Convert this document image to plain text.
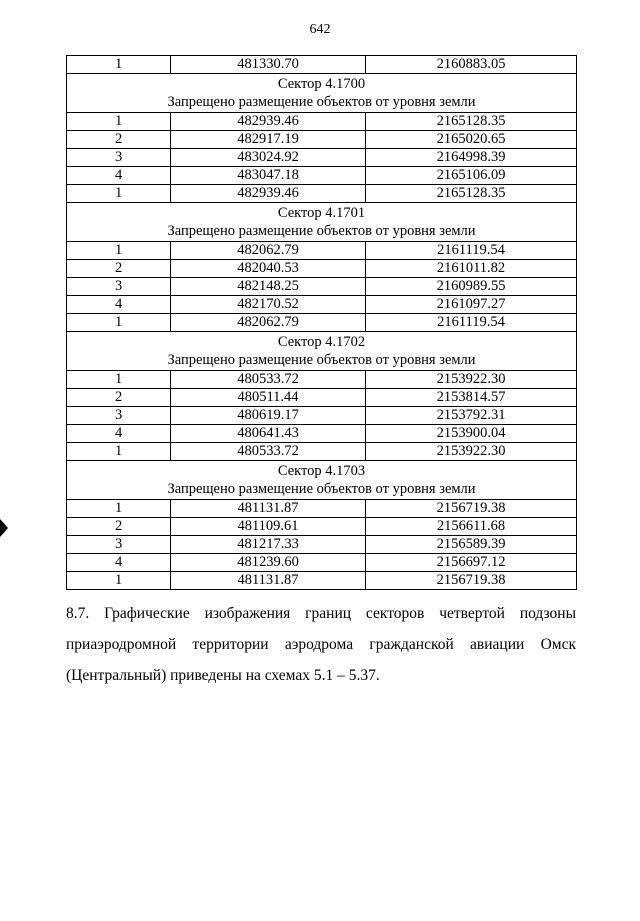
642
1	481330.70	2160883.05

Сектор 4.1700
Запрещено размещение объектов от уровня земли		

1	482939.46	2165128.35
2	482917.19	2165020.65
3	483024.92	2164998.39
4	483047.18	2165106.09
1	482939.46	2165128.35

Сектор 4.1701
Запрещено размещение объектов от уровня земли		

1	482062.79	2161119.54
2	482040.53	2161011.82
3	482148.25	2160989.55
4	482170.52	2161097.27
1	482062.79	2161119.54

Сектор 4.1702
Запрещено размещение объектов от уровня земли		

1	480533.72	2153922.30
2	480511.44	2153814.57
3	480619.17	2153792.31
4	480641.43	2153900.04
1	480533.72	2153922.30

Сектор 4.1703
Запрещено размещение объектов от уровня земли		

1	481131.87	2156719.38
2	481109.61	2156611.68
3	481217.33	2156589.39
4	481239.60	2156697.12
1	481131.87	2156719.38
8.7. Графические изображения границ секторов четвертой подзоны
приаэродромной территории аэродрома гражданской авиации Омск
(Центральный) приведены на схемах 5.1 – 5.37.
